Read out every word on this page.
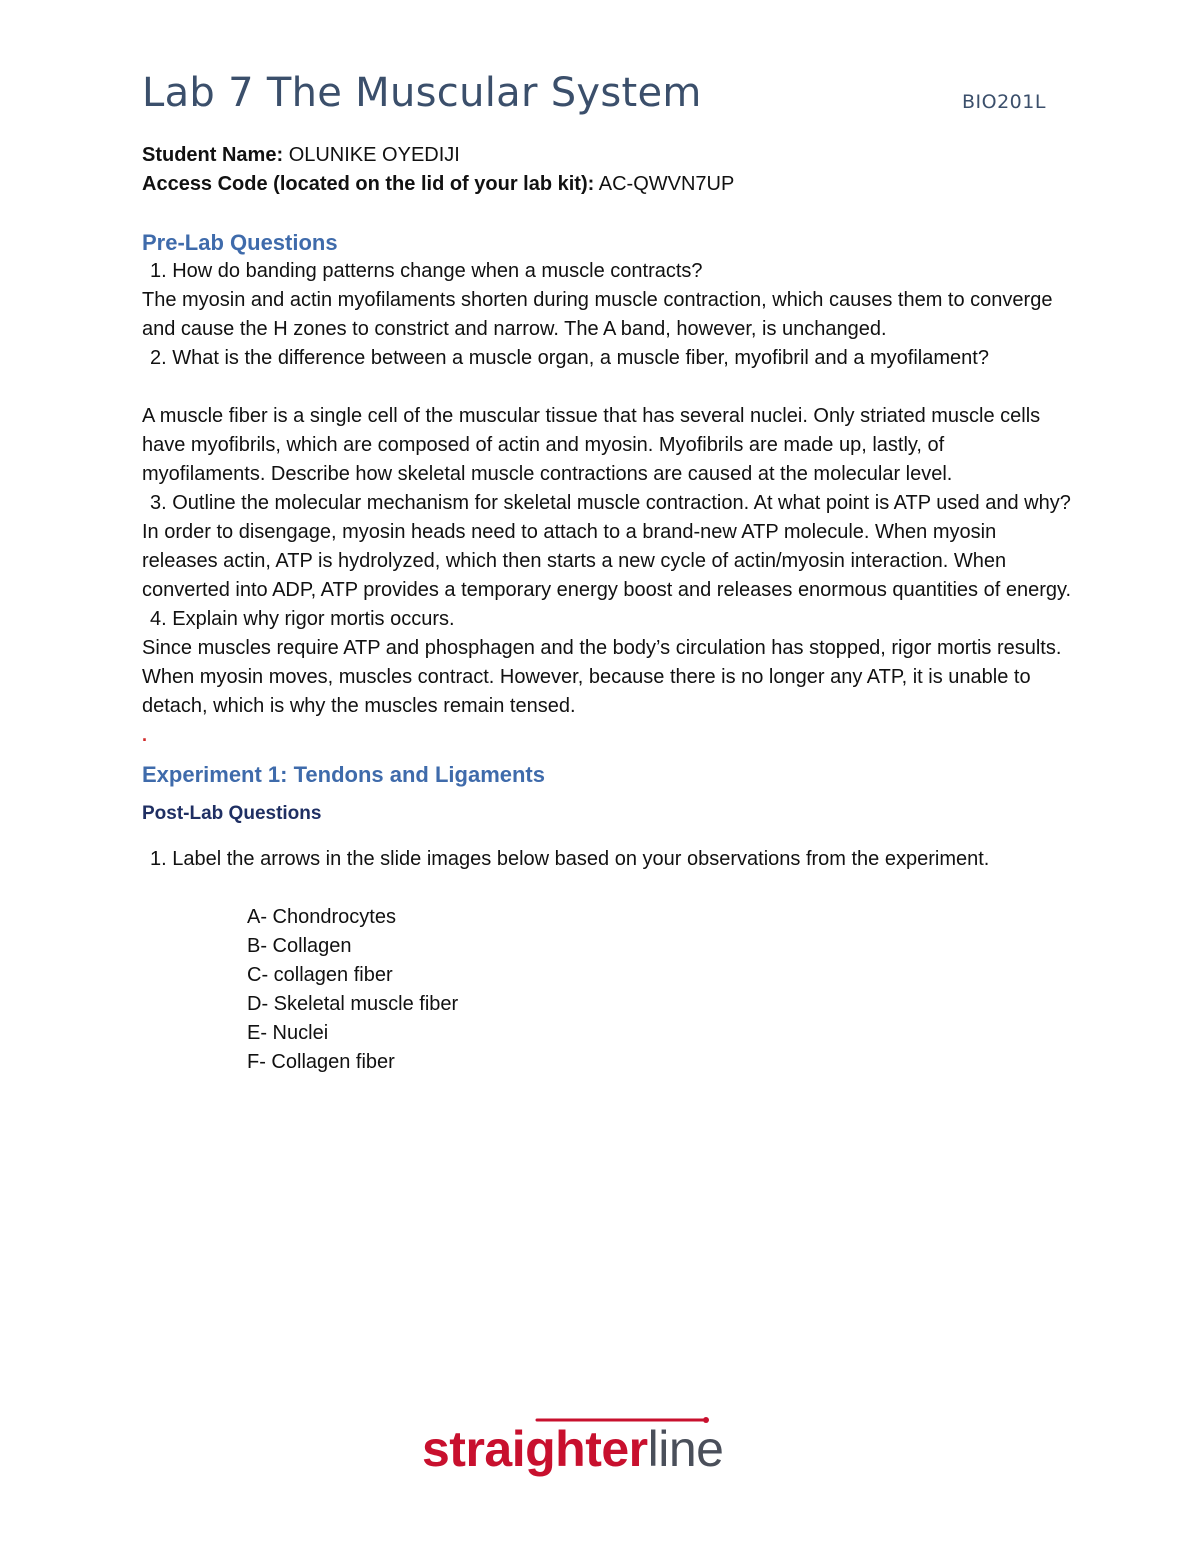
Lab 7 The Muscular System	BIO201L

Student Name: OLUNIKE OYEDIJI

Access Code (located on the lid of your lab kit): AC-QWVN7UP

Pre-Lab Questions

1. How do banding patterns change when a muscle contracts?

The myosin and actin myofilaments shorten during muscle contraction, which causes them to converge and cause the H zones to constrict and narrow. The A band, however, is unchanged.

2. What is the difference between a muscle organ, a muscle fiber, myofibril and a myofilament?

A muscle fiber is a single cell of the muscular tissue that has several nuclei. Only striated muscle cells have myofibrils, which are composed of actin and myosin. Myofibrils are made up, lastly, of myofilaments. Describe how skeletal muscle contractions are caused at the molecular level.

3. Outline the molecular mechanism for skeletal muscle contraction. At what point is ATP used and why?

In order to disengage, myosin heads need to attach to a brand-new ATP molecule. When myosin releases actin, ATP is hydrolyzed, which then starts a new cycle of actin/myosin interaction. When converted into ADP, ATP provides a temporary energy boost and releases enormous quantities of energy.

4. Explain why rigor mortis occurs.

Since muscles require ATP and phosphagen and the body’s circulation has stopped, rigor mortis results. When myosin moves, muscles contract. However, because there is no longer any ATP, it is unable to detach, which is why the muscles remain tensed.

.

Experiment 1: Tendons and Ligaments

Post-Lab Questions

1. Label the arrows in the slide images below based on your observations from the experiment.

A- Chondrocytes
B- Collagen
C- collagen fiber
D- Skeletal muscle fiber
E- Nuclei
F- Collagen fiber
straighterline
